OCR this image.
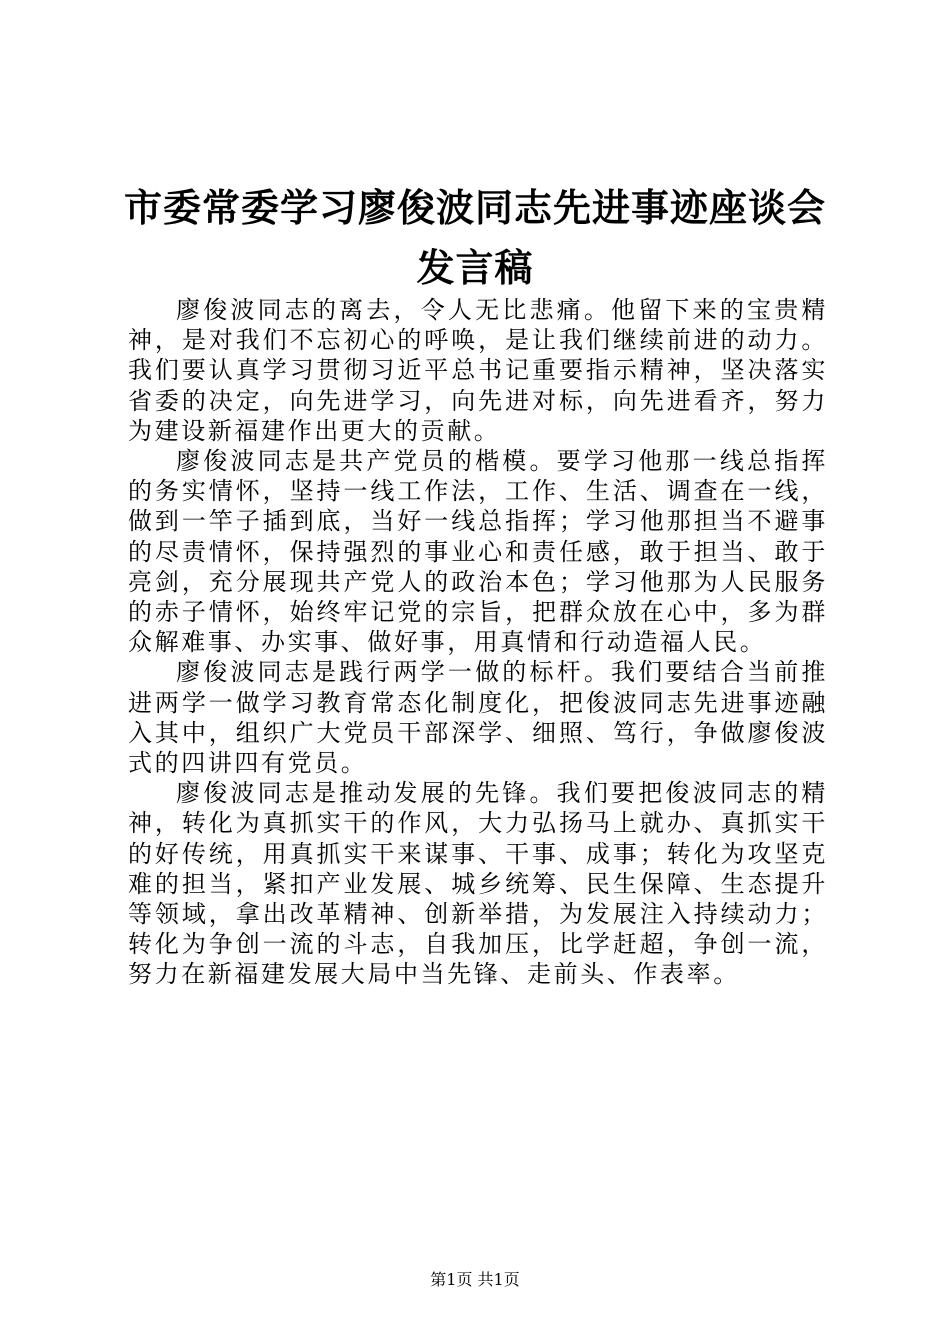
市委常委学习廖俊波同志先进事迹座谈会发言稿

廖俊波同志的离去，令人无比悲痛。他留下来的宝贵精神，是对我们不忘初心的呼唤，是让我们继续前进的动力。我们要认真学习贯彻习近平总书记重要指示精神，坚决落实省委的决定，向先进学习，向先进对标，向先进看齐，努力为建设新福建作出更大的贡献。

廖俊波同志是共产党员的楷模。要学习他那一线总指挥的务实情怀，坚持一线工作法，工作、生活、调查在一线，做到一竿子插到底，当好一线总指挥；学习他那担当不避事的尽责情怀，保持强烈的事业心和责任感，敢于担当、敢于亮剑，充分展现共产党人的政治本色；学习他那为人民服务的赤子情怀，始终牢记党的宗旨，把群众放在心中，多为群众解难事、办实事、做好事，用真情和行动造福人民。

廖俊波同志是践行两学一做的标杆。我们要结合当前推进两学一做学习教育常态化制度化，把俊波同志先进事迹融入其中，组织广大党员干部深学、细照、笃行，争做廖俊波式的四讲四有党员。

廖俊波同志是推动发展的先锋。我们要把俊波同志的精神，转化为真抓实干的作风，大力弘扬马上就办、真抓实干的好传统，用真抓实干来谋事、干事、成事；转化为攻坚克难的担当，紧扣产业发展、城乡统筹、民生保障、生态提升等领域，拿出改革精神、创新举措，为发展注入持续动力；转化为争创一流的斗志，自我加压，比学赶超，争创一流，努力在新福建发展大局中当先锋、走前头、作表率。

第1页 共1页
